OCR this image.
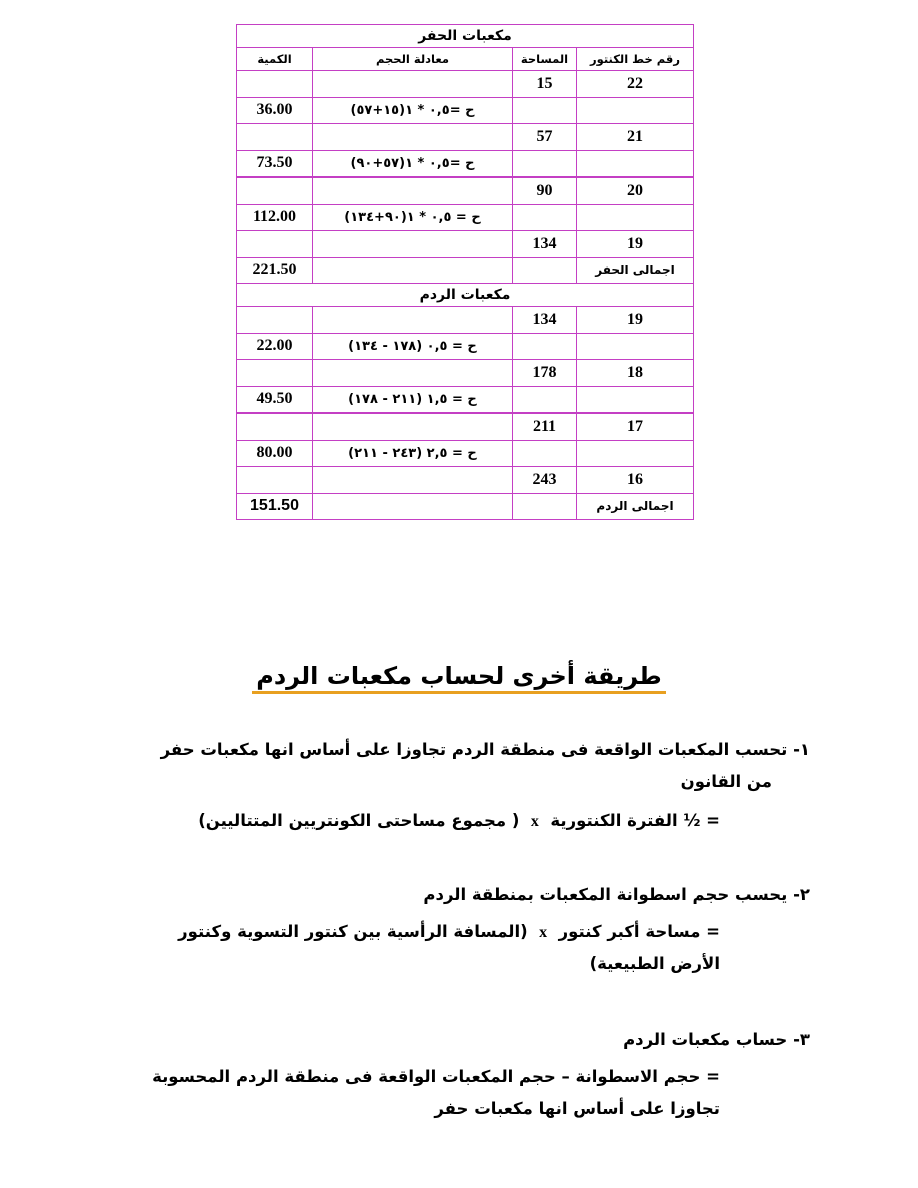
مكعبات الحفر			
الكمية	معادلة الحجم	المساحة	رقم خط الكنتور
		15	22
36.00	ح =٠,٥ * ١(١٥+٥٧)		
		57	21
73.50	ح =٠,٥ * ١(٥٧+٩٠)		
		90	20
112.00	ح = ٠,٥ * ١(٩٠+١٣٤)		
		134	19
221.50			اجمالى الحفر
مكعبات الردم			
		134	19
22.00	ح = ٠,٥ (١٧٨ - ١٣٤)		
		178	18
49.50	ح = ١,٥ (٢١١ - ١٧٨)		
		211	17
80.00	ح = ٢,٥ (٢٤٣ - ٢١١)		
		243	16
151.50			اجمالى الردم
طريقة أخرى لحساب مكعبات الردم
١- تحسب المكعبات الواقعة فى منطقة الردم تجاوزا على أساس انها مكعبات حفر
من القانون
= ½ الفترة الكنتورية  x  ( مجموع مساحتى الكونتريين المتتاليين)
٢- يحسب حجم اسطوانة المكعبات بمنطقة الردم
= مساحة أكبر كنتور  x  (المسافة الرأسية بين كنتور التسوية وكنتور
الأرض الطبيعية)
٣- حساب مكعبات الردم
= حجم الاسطوانة – حجم المكعبات الواقعة فى منطقة الردم المحسوبة
تجاوزا على أساس انها مكعبات حفر
